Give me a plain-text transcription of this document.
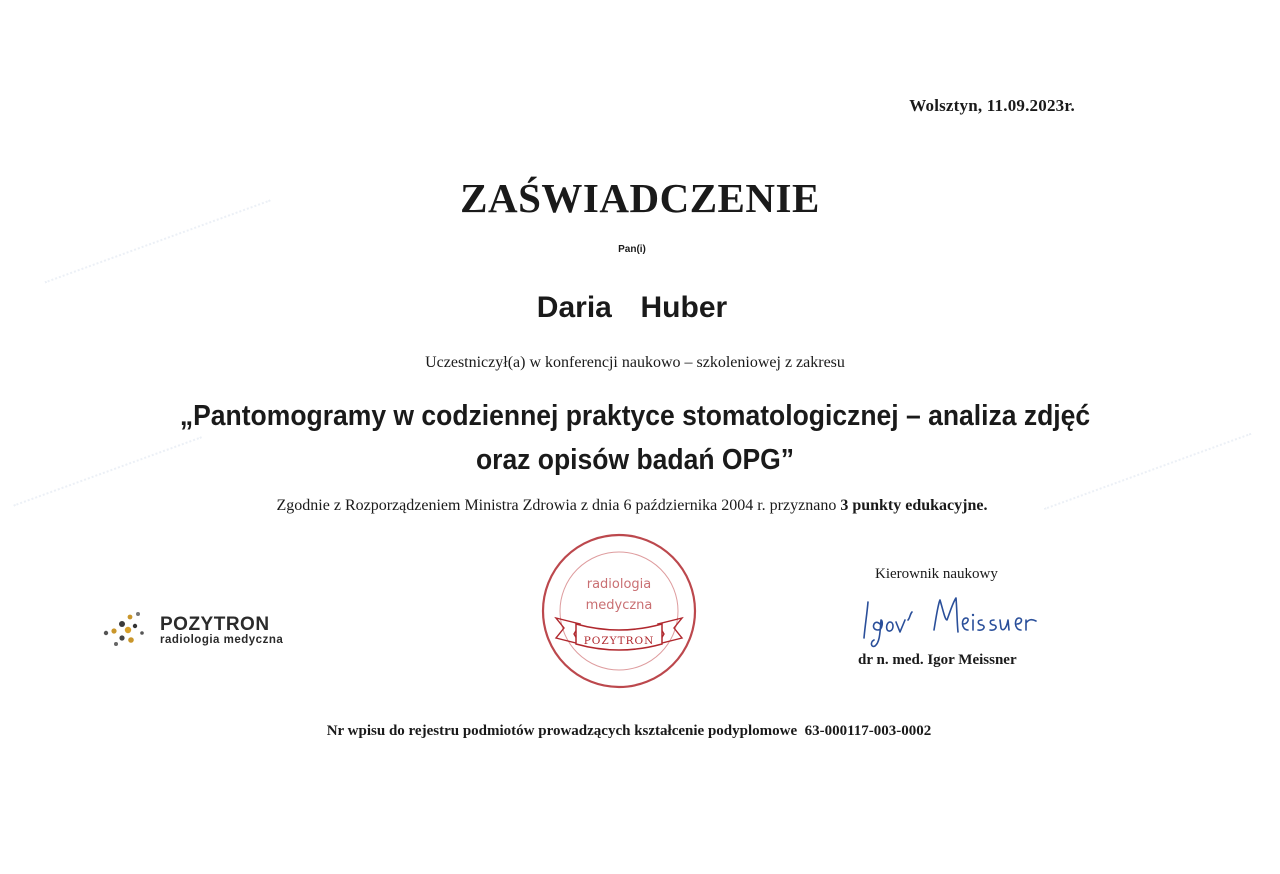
Wolsztyn, 11.09.2023r.
ZAŚWIADCZENIE
Pan(i)
Daria  Huber
Uczestniczył(a) w konferencji naukowo – szkoleniowej z zakresu
„Pantomogramy w codziennej praktyce stomatologicznej – analiza zdjęć
oraz opisów badań OPG”
Zgodnie z Rozporządzeniem Ministra Zdrowia z dnia 6 października 2004 r. przyznano 3 punkty edukacyjne.
POZYTRON
radiologia medyczna
radiologia
medyczna
POZYTRON
Kierownik naukowy
dr n. med. Igor Meissner
Nr wpisu do rejestru podmiotów prowadzących kształcenie podyplomowe  63-000117-003-0002
